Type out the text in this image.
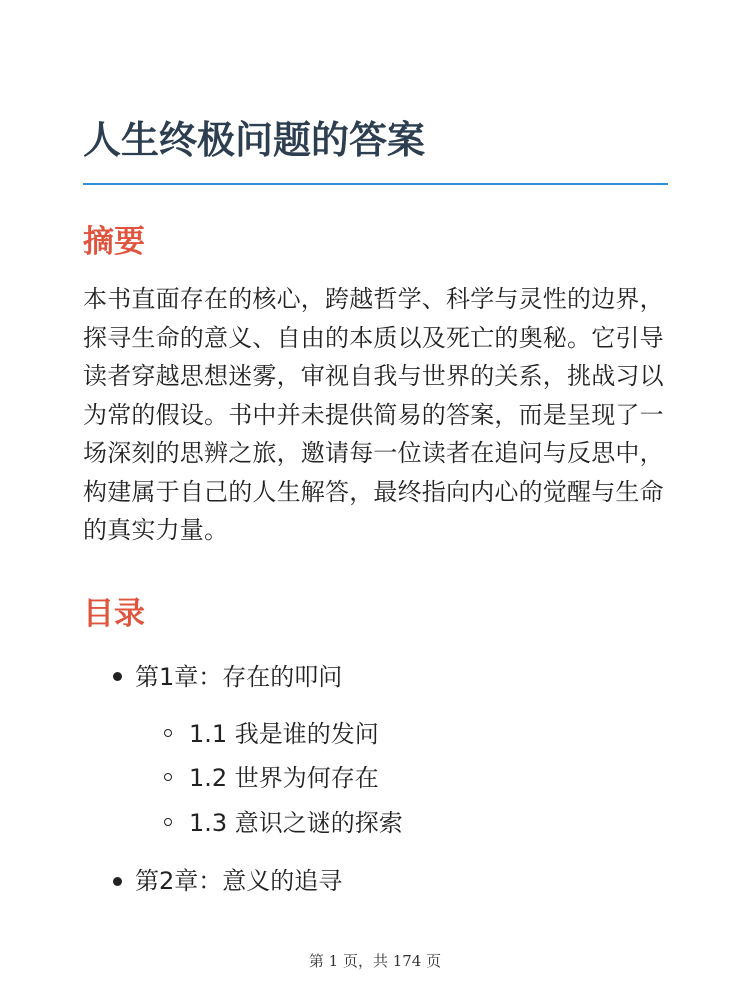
人生终极问题的答案
摘要

本书直面存在的核心，跨越哲学、科学与灵性的边界，探寻生命的意义、自由的本质以及死亡的奥秘。它引导读者穿越思想迷雾，审视自我与世界的关系，挑战习以为常的假设。书中并未提供简易的答案，而是呈现了一场深刻的思辨之旅，邀请每一位读者在追问与反思中，构建属于自己的人生解答，最终指向内心的觉醒与生命的真实力量。

目录
第1章：存在的叩问
1.1 我是谁的发问
1.2 世界为何存在
1.3 意识之谜的探索
第2章：意义的追寻
第 1 页，共 174 页
